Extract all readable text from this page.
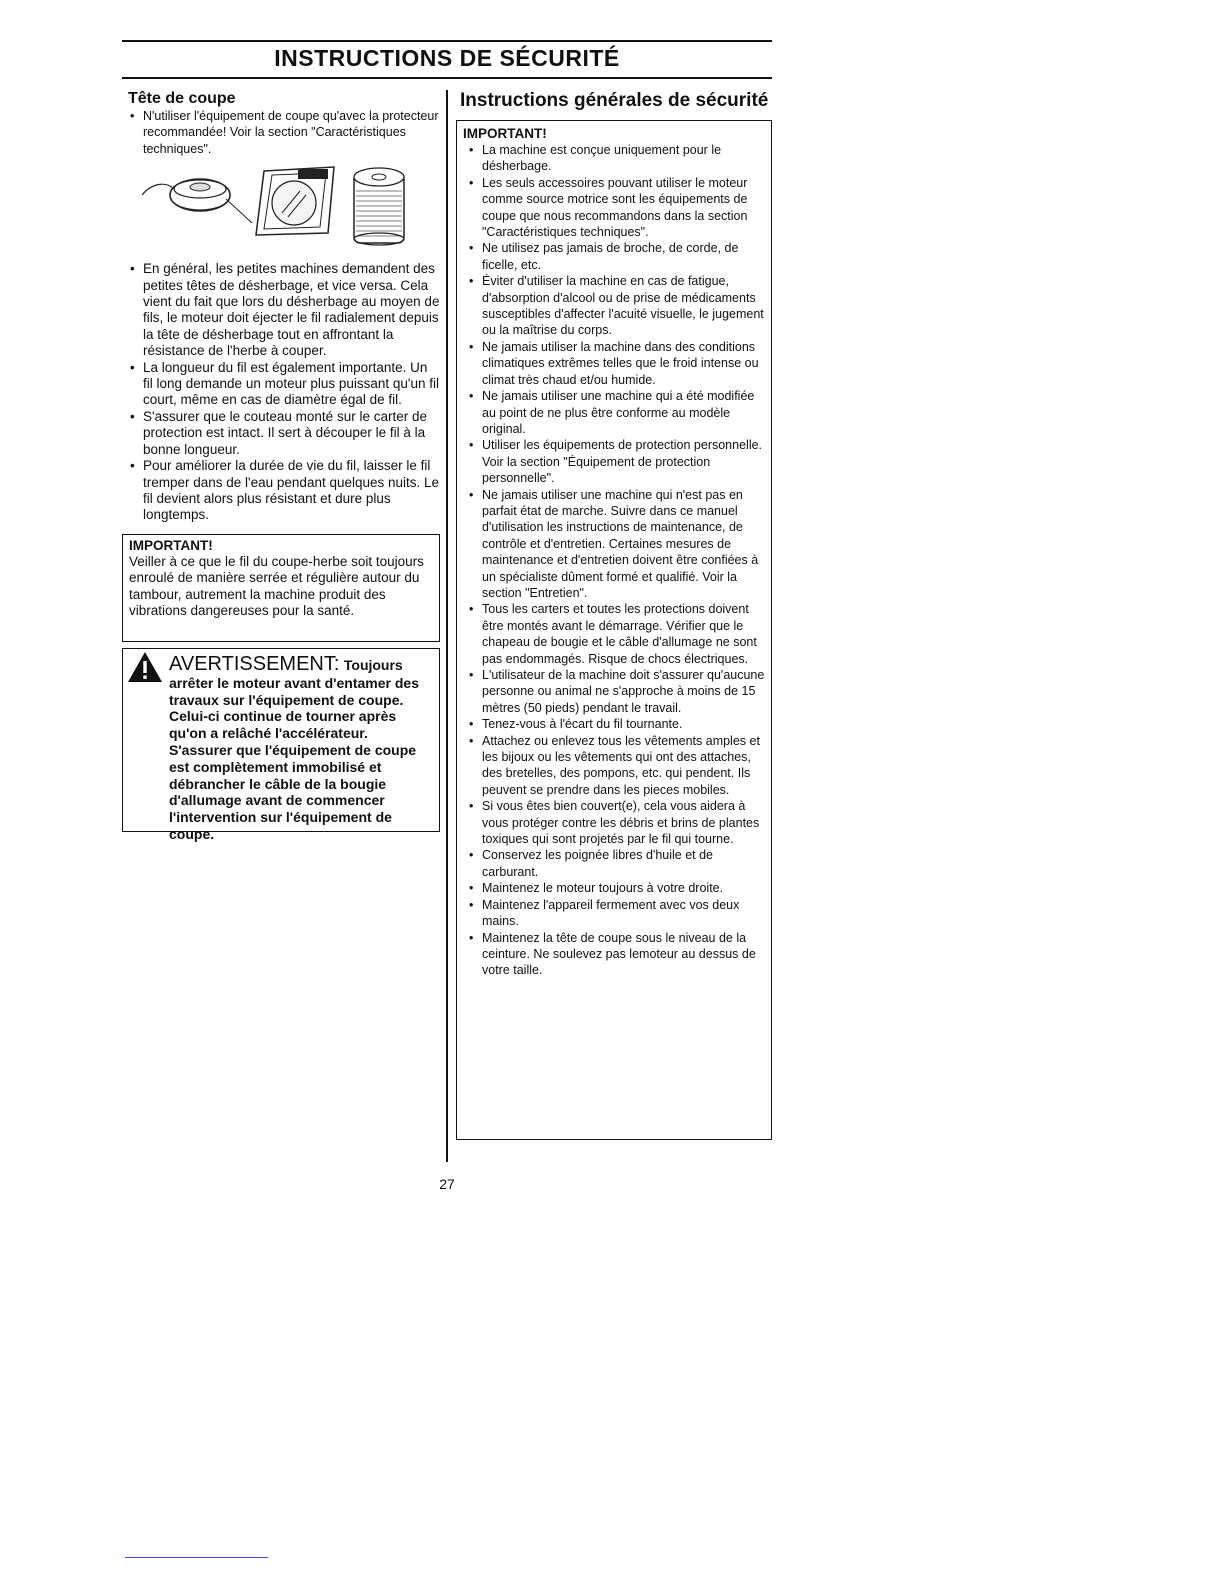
INSTRUCTIONS DE SÉCURITÉ
Tête de coupe
• N'utiliser l'équipement de coupe qu'avec la protecteur recommandée! Voir la section "Caractéristiques techniques".
• En général, les petites machines demandent des petites têtes de désherbage, et vice versa. Cela vient du fait que lors du désherbage au moyen de fils, le moteur doit éjecter le fil radialement depuis la tête de désherbage tout en affrontant la résistance de l'herbe à couper.
• La longueur du fil est également importante. Un fil long demande un moteur plus puissant qu'un fil court, même en cas de diamètre égal de fil.
• S'assurer que le couteau monté sur le carter de protection est intact. Il sert à découper le fil à la bonne longueur.
• Pour améliorer la durée de vie du fil, laisser le fil tremper dans de l'eau pendant quelques nuits. Le fil devient alors plus résistant et dure plus longtemps.
IMPORTANT!
Veiller à ce que le fil du coupe-herbe soit toujours enroulé de manière serrée et régulière autour du tambour, autrement la machine produit des vibrations dangereuses pour la santé.
AVERTISSEMENT: Toujours
arrêter le moteur avant d'entamer des travaux sur l'équipement de coupe. Celui-ci continue de tourner après qu'on a relâché l'accélérateur. S'assurer que l'équipement de coupe est complètement immobilisé et débrancher le câble de la bougie d'allumage avant de commencer l'intervention sur l'équipement de coupe.
Instructions générales de sécurité
IMPORTANT!
• La machine est conçue uniquement pour le désherbage.
• Les seuls accessoires pouvant utiliser le moteur comme source motrice sont les équipements de coupe que nous recommandons dans la section "Caractéristiques techniques".
• Ne utilisez pas jamais de broche, de corde, de ficelle, etc.
• Éviter d'utiliser la machine en cas de fatigue, d'absorption d'alcool ou de prise de médicaments susceptibles d'affecter l'acuité visuelle, le jugement ou la maîtrise du corps.
• Ne jamais utiliser la machine dans des conditions climatiques extrêmes telles que le froid intense ou climat très chaud et/ou humide.
• Ne jamais utiliser une machine qui a été modifiée au point de ne plus être conforme au modèle original.
• Utiliser les équipements de protection personnelle. Voir la section "Équipement de protection personnelle".
• Ne jamais utiliser une machine qui n'est pas en parfait état de marche. Suivre dans ce manuel d'utilisation les instructions de maintenance, de contrôle et d'entretien. Certaines mesures de maintenance et d'entretien doivent être confiées à un spécialiste dûment formé et qualifié. Voir la section "Entretien".
• Tous les carters et toutes les protections doivent être montés avant le démarrage. Vérifier que le chapeau de bougie et le câble d'allumage ne sont pas endommagés. Risque de chocs électriques.
• L'utilisateur de la machine doit s'assurer qu'aucune personne ou animal ne s'approche à moins de 15 mètres (50 pieds) pendant le travail.
• Tenez-vous à l'écart du fil tournante.
• Attachez ou enlevez tous les vêtements amples et les bijoux ou les vêtements qui ont des attaches, des bretelles, des pompons, etc. qui pendent. Ils peuvent se prendre dans les pieces mobiles.
• Si vous êtes bien couvert(e), cela vous aidera à vous protéger contre les débris et brins de plantes toxiques qui sont projetés par le fil qui tourne.
• Conservez les poignée libres d'huile et de carburant.
• Maintenez le moteur toujours à votre droite.
• Maintenez l'appareil fermement avec vos deux mains.
• Maintenez la tête de coupe sous le niveau de la ceinture. Ne soulevez pas lemoteur au dessus de votre taille.
27
